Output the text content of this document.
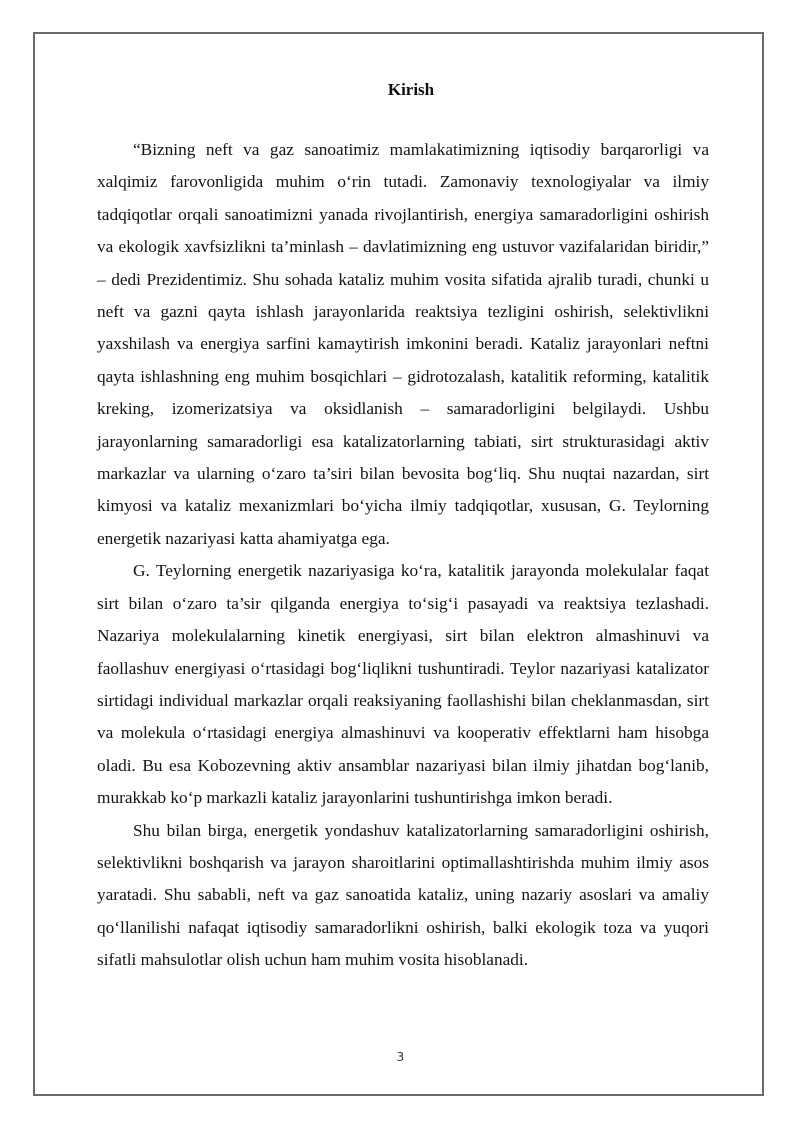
Kirish

“Bizning neft va gaz sanoatimiz mamlakatimizning iqtisodiy barqarorligi va xalqimiz farovonligida muhim o‘rin tutadi. Zamonaviy texnologiyalar va ilmiy tadqiqotlar orqali sanoatimizni yanada rivojlantirish, energiya samaradorligini oshirish va ekologik xavfsizlikni ta’minlash – davlatimizning eng ustuvor vazifalaridan biridir,” – dedi Prezidentimiz. Shu sohada kataliz muhim vosita sifatida ajralib turadi, chunki u neft va gazni qayta ishlash jarayonlarida reaktsiya tezligini oshirish, selektivlikni yaxshilash va energiya sarfini kamaytirish imkonini beradi. Kataliz jarayonlari neftni qayta ishlashning eng muhim bosqichlari – gidrotozalash, katalitik reforming, katalitik kreking, izomerizatsiya va oksidlanish – samaradorligini belgilaydi. Ushbu jarayonlarning samaradorligi esa katalizatorlarning tabiati, sirt strukturasidagi aktiv markazlar va ularning o‘zaro ta’siri bilan bevosita bog‘liq. Shu nuqtai nazardan, sirt kimyosi va kataliz mexanizmlari bo‘yicha ilmiy tadqiqotlar, xususan, G. Teylorning energetik nazariyasi katta ahamiyatga ega.

G. Teylorning energetik nazariyasiga ko‘ra, katalitik jarayonda molekulalar faqat sirt bilan o‘zaro ta’sir qilganda energiya to‘sig‘i pasayadi va reaktsiya tezlashadi. Nazariya molekulalarning kinetik energiyasi, sirt bilan elektron almashinuvi va faollashuv energiyasi o‘rtasidagi bog‘liqlikni tushuntiradi. Teylor nazariyasi katalizator sirtidagi individual markazlar orqali reaksiyaning faollashishi bilan cheklanmasdan, sirt va molekula o‘rtasidagi energiya almashinuvi va kooperativ effektlarni ham hisobga oladi. Bu esa Kobozevning aktiv ansamblar nazariyasi bilan ilmiy jihatdan bog‘lanib, murakkab ko‘p markazli kataliz jarayonlarini tushuntirishga imkon beradi.

Shu bilan birga, energetik yondashuv katalizatorlarning samaradorligini oshirish, selektivlikni boshqarish va jarayon sharoitlarini optimallashtirishda muhim ilmiy asos yaratadi. Shu sababli, neft va gaz sanoatida kataliz, uning nazariy asoslari va amaliy qo‘llanilishi nafaqat iqtisodiy samaradorlikni oshirish, balki ekologik toza va yuqori sifatli mahsulotlar olish uchun ham muhim vosita hisoblanadi.

3
